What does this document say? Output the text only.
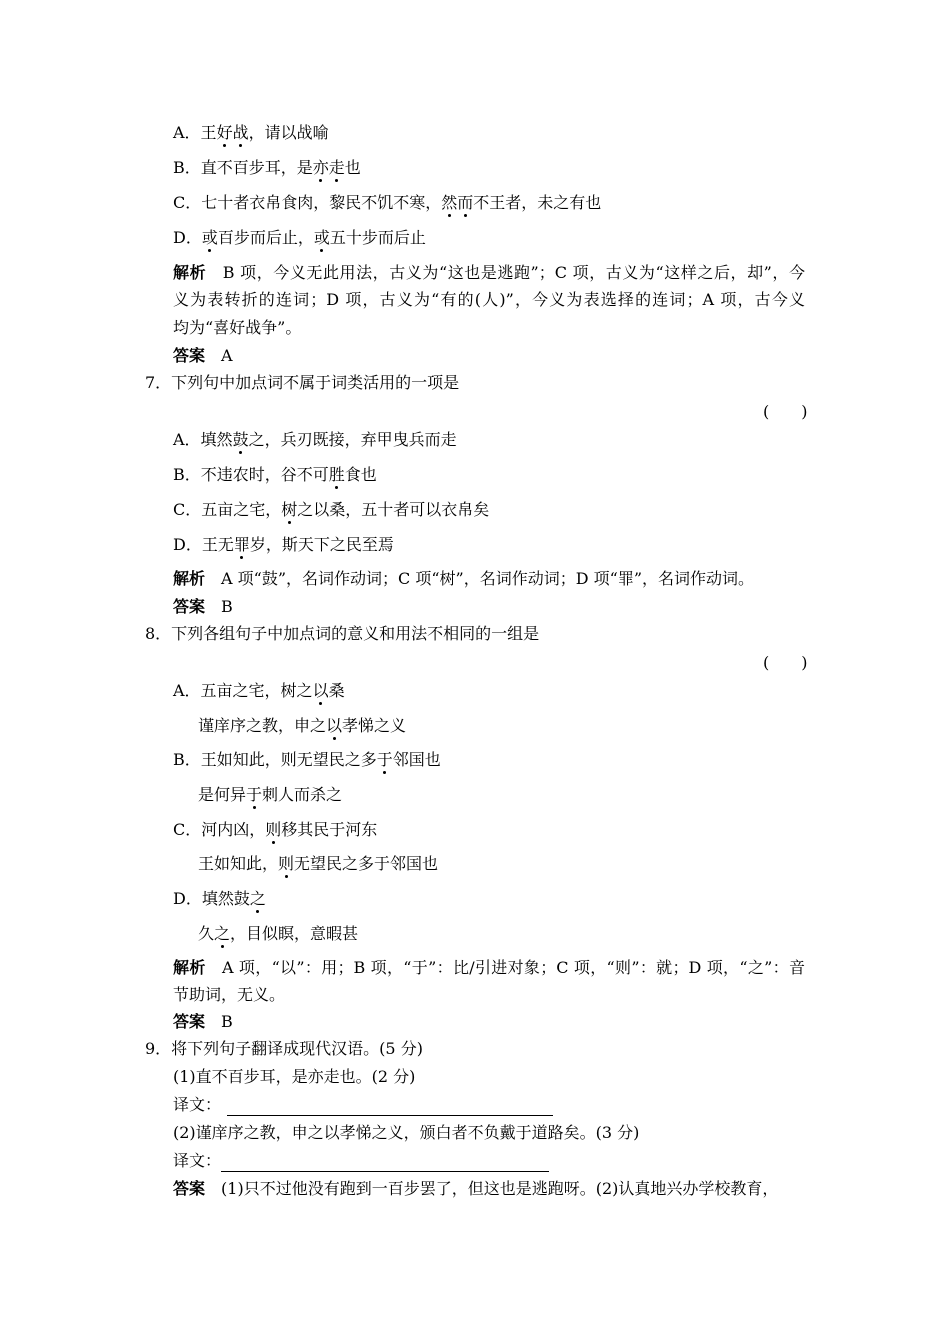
A．王好战，请以战喻
B．直不百步耳，是亦走也
C．七十者衣帛食肉，黎民不饥不寒，然而不王者，未之有也
D．或百步而后止，或五十步而后止
解析　 B 项，今义无此用法，古义为“这也是逃跑”；C 项，古义为“这样之后，却”，今
义为表转折的连词；D 项，古义为“有的(人)”，今义为表选择的连词；A 项，古今义
均为“喜好战争”。
答案　 A
7．下列句中加点词不属于词类活用的一项是
(　　)
A．填然鼓之，兵刃既接，弃甲曳兵而走
B．不违农时，谷不可胜食也
C．五亩之宅，树之以桑，五十者可以衣帛矣
D．王无罪岁，斯天下之民至焉
解析　 A 项“鼓”，名词作动词；C 项“树”，名词作动词；D 项“罪”，名词作动词。
答案　 B
8．下列各组句子中加点词的意义和用法不相同的一组是
(　　)
A．五亩之宅，树之以桑
谨庠序之教，申之以孝悌之义
B．王如知此，则无望民之多于邻国也
是何异于刺人而杀之
C．河内凶，则移其民于河东
王如知此，则无望民之多于邻国也
D．填然鼓之
久之，目似瞑，意暇甚
解析　 A 项，“以”：用；B 项，“于”：比/引进对象；C 项，“则”：就；D 项，“之”：音
节助词，无义。
答案　 B
9．将下列句子翻译成现代汉语。(5 分)
(1)直不百步耳，是亦走也。(2 分)
译文：
(2)谨庠序之教，申之以孝悌之义，颁白者不负戴于道路矣。(3 分)
译文：
答案　 (1)只不过他没有跑到一百步罢了，但这也是逃跑呀。(2)认真地兴办学校教育，
